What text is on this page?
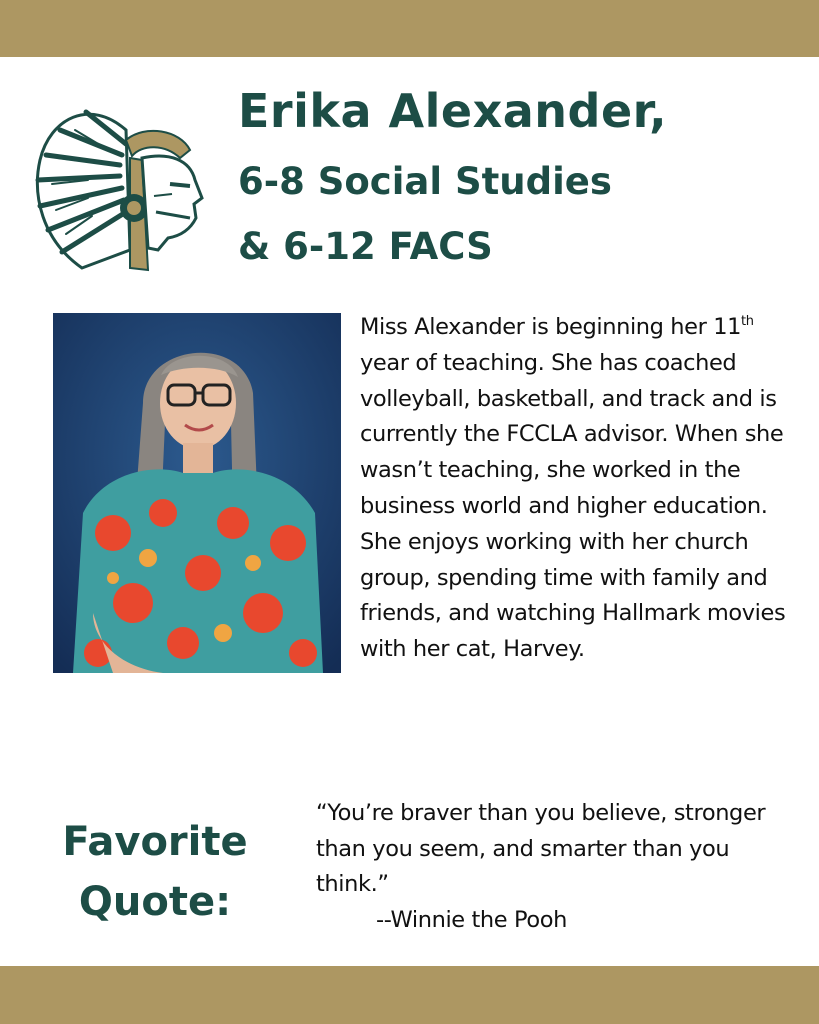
Erika Alexander,
6-8 Social Studies
& 6-12 FACS
Miss Alexander is beginning her 11th year of teaching. She has coached volleyball, basketball, and track and is currently the FCCLA advisor. When she wasn’t teaching, she worked in the business world and higher education. She enjoys working with her church group, spending time with family and friends, and watching Hallmark movies with her cat, Harvey.
Favorite
Quote:
“You’re braver than you believe, stronger than you seem, and smarter than you think.”
--Winnie the Pooh
